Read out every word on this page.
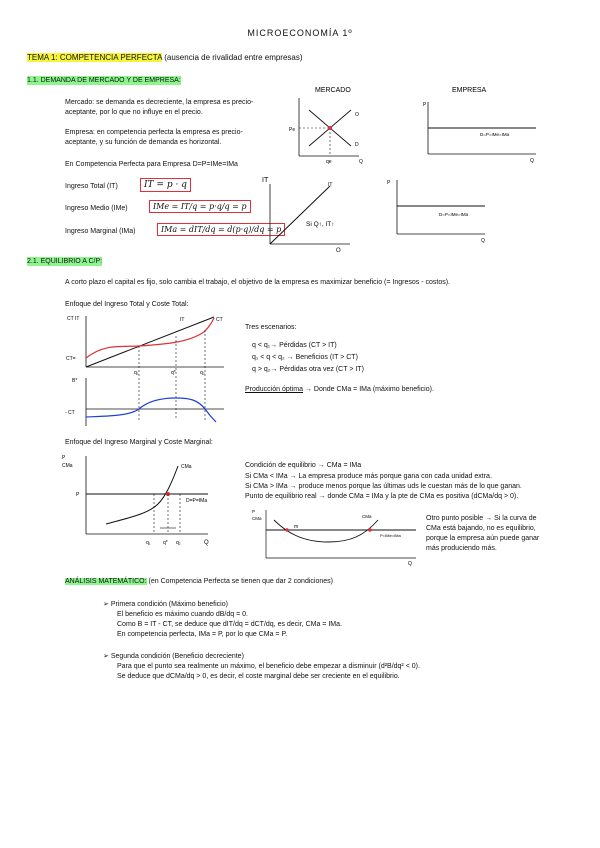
MICROECONOMÍA 1º
TEMA 1: COMPETENCIA PERFECTA (ausencia de rivalidad entre empresas)
1.1. DEMANDA DE MERCADO Y DE EMPRESA:
Mercado: se demanda es decreciente, la empresa es precio-
aceptante, por lo que no influye en el precio.
Empresa: en competencia perfecta la empresa es precio-
aceptante, y su función de demanda es horizontal.
En Competencia Perfecta para Empresa D=P=IMe=IMa
Ingreso Total (IT)	IT = p · q
Ingreso Medio (IMe)	IMe = IT/q = p·q/q = p
Ingreso Marginal (IMa)	IMa = dIT/dq = d(p·q)/dq = p
MERCADO
Pe
qe
O
D
Q
EMPRESA
P
D=P=IMe=IMa
Q
IT
IT
Si Q↑, IT↑
Q
P
D=P=IMe=IMa
Q
2.1. EQUILIBRIO A C/P:
A corto plazo el capital es fijo, solo cambia el trabajo, el objetivo de la empresa es maximizar beneficio (= Ingresos - costos).
Enfoque del Ingreso Total y Coste Total:
CT IT	CT
IT
CT=
q₁	q*	q₂
B*
- CT
Tres escenarios:
q < q₁→ Pérdidas (CT > IT)
q₁ < q < q₂ → Beneficios (IT > CT)
q > q₂→ Pérdidas otra vez (CT > IT)
Producción óptima → Donde CMa = IMa (máximo beneficio).
Enfoque del Ingreso Marginal y Coste Marginal:
P
CMa	CMa
P
D=P=IMa
q₁	q* q₂	Q
Condición de equilibrio → CMa = IMa
Si CMa < IMa → La empresa produce más porque gana con cada unidad extra.
Si CMa > IMa → produce menos porque las últimas uds le cuestan más de lo que ganan.
Punto de equilibrio real → donde CMa = IMa y la pte de CMa es positiva (dCMa/dq > 0).
P
CMa
m
CMa
P=IMe=IMa
Q
Otro punto posible → Si la curva de
CMa está bajando, no es equilibrio,
porque la empresa aún puede ganar
más produciendo más.
ANÁLISIS MATEMÁTICO: (en Competencia Perfecta se tienen que dar 2 condiciones)
➢ Primera condición (Máximo beneficio)
El beneficio es máximo cuando dB/dq = 0.
Como B = IT - CT, se deduce que dIT/dq = dCT/dq, es decir, CMa = IMa.
En competencia perfecta, IMa = P, por lo que CMa = P.
➢ Segunda condición (Beneficio decreciente)
Para que el punto sea realmente un máximo, el beneficio debe empezar a disminuir (d²B/dq² < 0).
Se deduce que dCMa/dq > 0, es decir, el coste marginal debe ser creciente en el equilibrio.
